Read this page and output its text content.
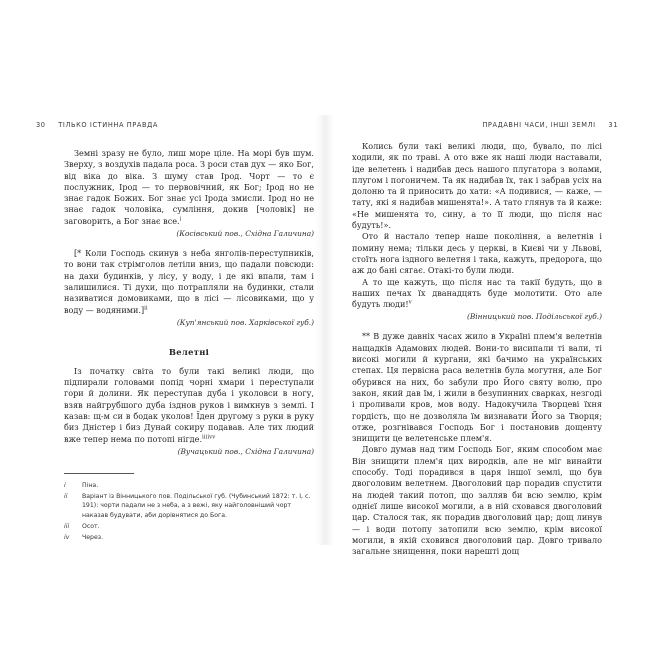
30 ТІЛЬКО ІСТИННА ПРАВДА	ПРАДАВНІ ЧАСИ, ІНШІ ЗЕМЛІ 31

Земні зразу не було, лиш море ціле. На морі був шум. Зверху, з воздухів падала роса. З роси став дух — яко Бог, від віка до віка. З шуму став Ірод. Чорт — то є послужник, Ірод — то первовічний, як Бог; Ірод но не знає гадок Божих. Бог знає усі Ірода змисли. Ірод но не знає гадок чоловіка, сумління, докив [чоловік] не заговорить, а Бог знає все.$^i$

(Косівський пов., Східна Галичина)

[* Коли Господь скинув з неба янголів-переступників, то вони так стрімголов летіли вниз, що падали повсюди: на дахи будинків, у лісу, у воду, і де які впали, там і залишилися. Ті духи, що потрапляли на будинки, стали називатися домовиками, що в лісі — лісовиками, що у воду — водяними.]$^{ii}$

(Куп'янський пов. Харківської губ.)
Велетні

Із початку світа то були такі великі люди, що підпирали головами попід чорні хмари і переступали гори й долини. Як переступав дуба і уколовси в ногу, взяв найгрубшого дуба ізднов руков і вимкнув з землі. І казав: щ-м си в бодак уколов! Їден другому з руки в руку биз Дністер і биз Дунай сокиру подавав. Але тих людий вже тепер нема по потопі нігде.$^{iiiivv}$

(Вучацький пов., Східна Галичина)
i	Піна.
ii	Варіант із Вінницького пов. Подільської губ. (Чубинський 1872: т. І, с. 191): чорти падали не з неба, а з вежі, яку найголовніший чорт наказав будувати, аби дорівнятися до Бога.
iii	Осот.
iv	Через.

Колись були такі великі люди, що, бувало, по лісі ходили, як по траві. А ото вже як наші люди наставали, іде велетень і надибав десь нашого плугатора з волами, плугом і погоничем. Та як надибав їх, так і забрав усіх на долоню та й приносить до хати: «А подивися, — каже, — тату, які я надибав мишенята!». А тато глянув та й каже: «Не мишенята то, сину, а то її люди, що після нас будуть!».

Ото й настало тепер наше покоління, а велетнів і помину нема; тільки десь у церкві, в Києві чи у Львові, стоїть нога іздного велетня і така, кажуть, предорога, що аж до бані сягає. Отакі-то були люди.

А то ще кажуть, що після нас та такії будуть, що в наших печах їх дванадцять буде молотити. Ото але будуть люди!$^v$

(Вінницький пов. Подільської губ.)

** В дуже давніх часах жило в Україні плем'я велетнів нащадків Адамових людей. Вони-то висипали ті вали, ті високі могили й кургани, які бачимо на українських степах. Ця первісна раса велетнів була могутня, але Бог обурився на них, бо забули про Його святу волю, про закон, який дав їм, і жили в безупинних сварках, незгоді і проливали кров, мов воду. Надокучила Творцеві їхня гордість, що не дозволяла їм визнавати Його за Творця; отже, розгнівався Господь Бог і постановив дощенту знищити це велетенське плем'я.

Довго думав над тим Господь Бог, яким способом має Він знищити плем'я цих виродків, але не міг винайти способу. Тоді порадився в царя іншої землі, що був двоголовим велетнем. Двоголовий цар порадив спустити на людей такий потоп, що залляв би всю землю, крім однієї лише високої могили, а в ній сховався двоголовий цар. Сталося так, як порадив двоголовий цар; дощ линув — і води потопу затопили всю землю, крім високої могили, в якій сховився двоголовий цар. Довго тривало загальне знищення, поки нарешті дощ
